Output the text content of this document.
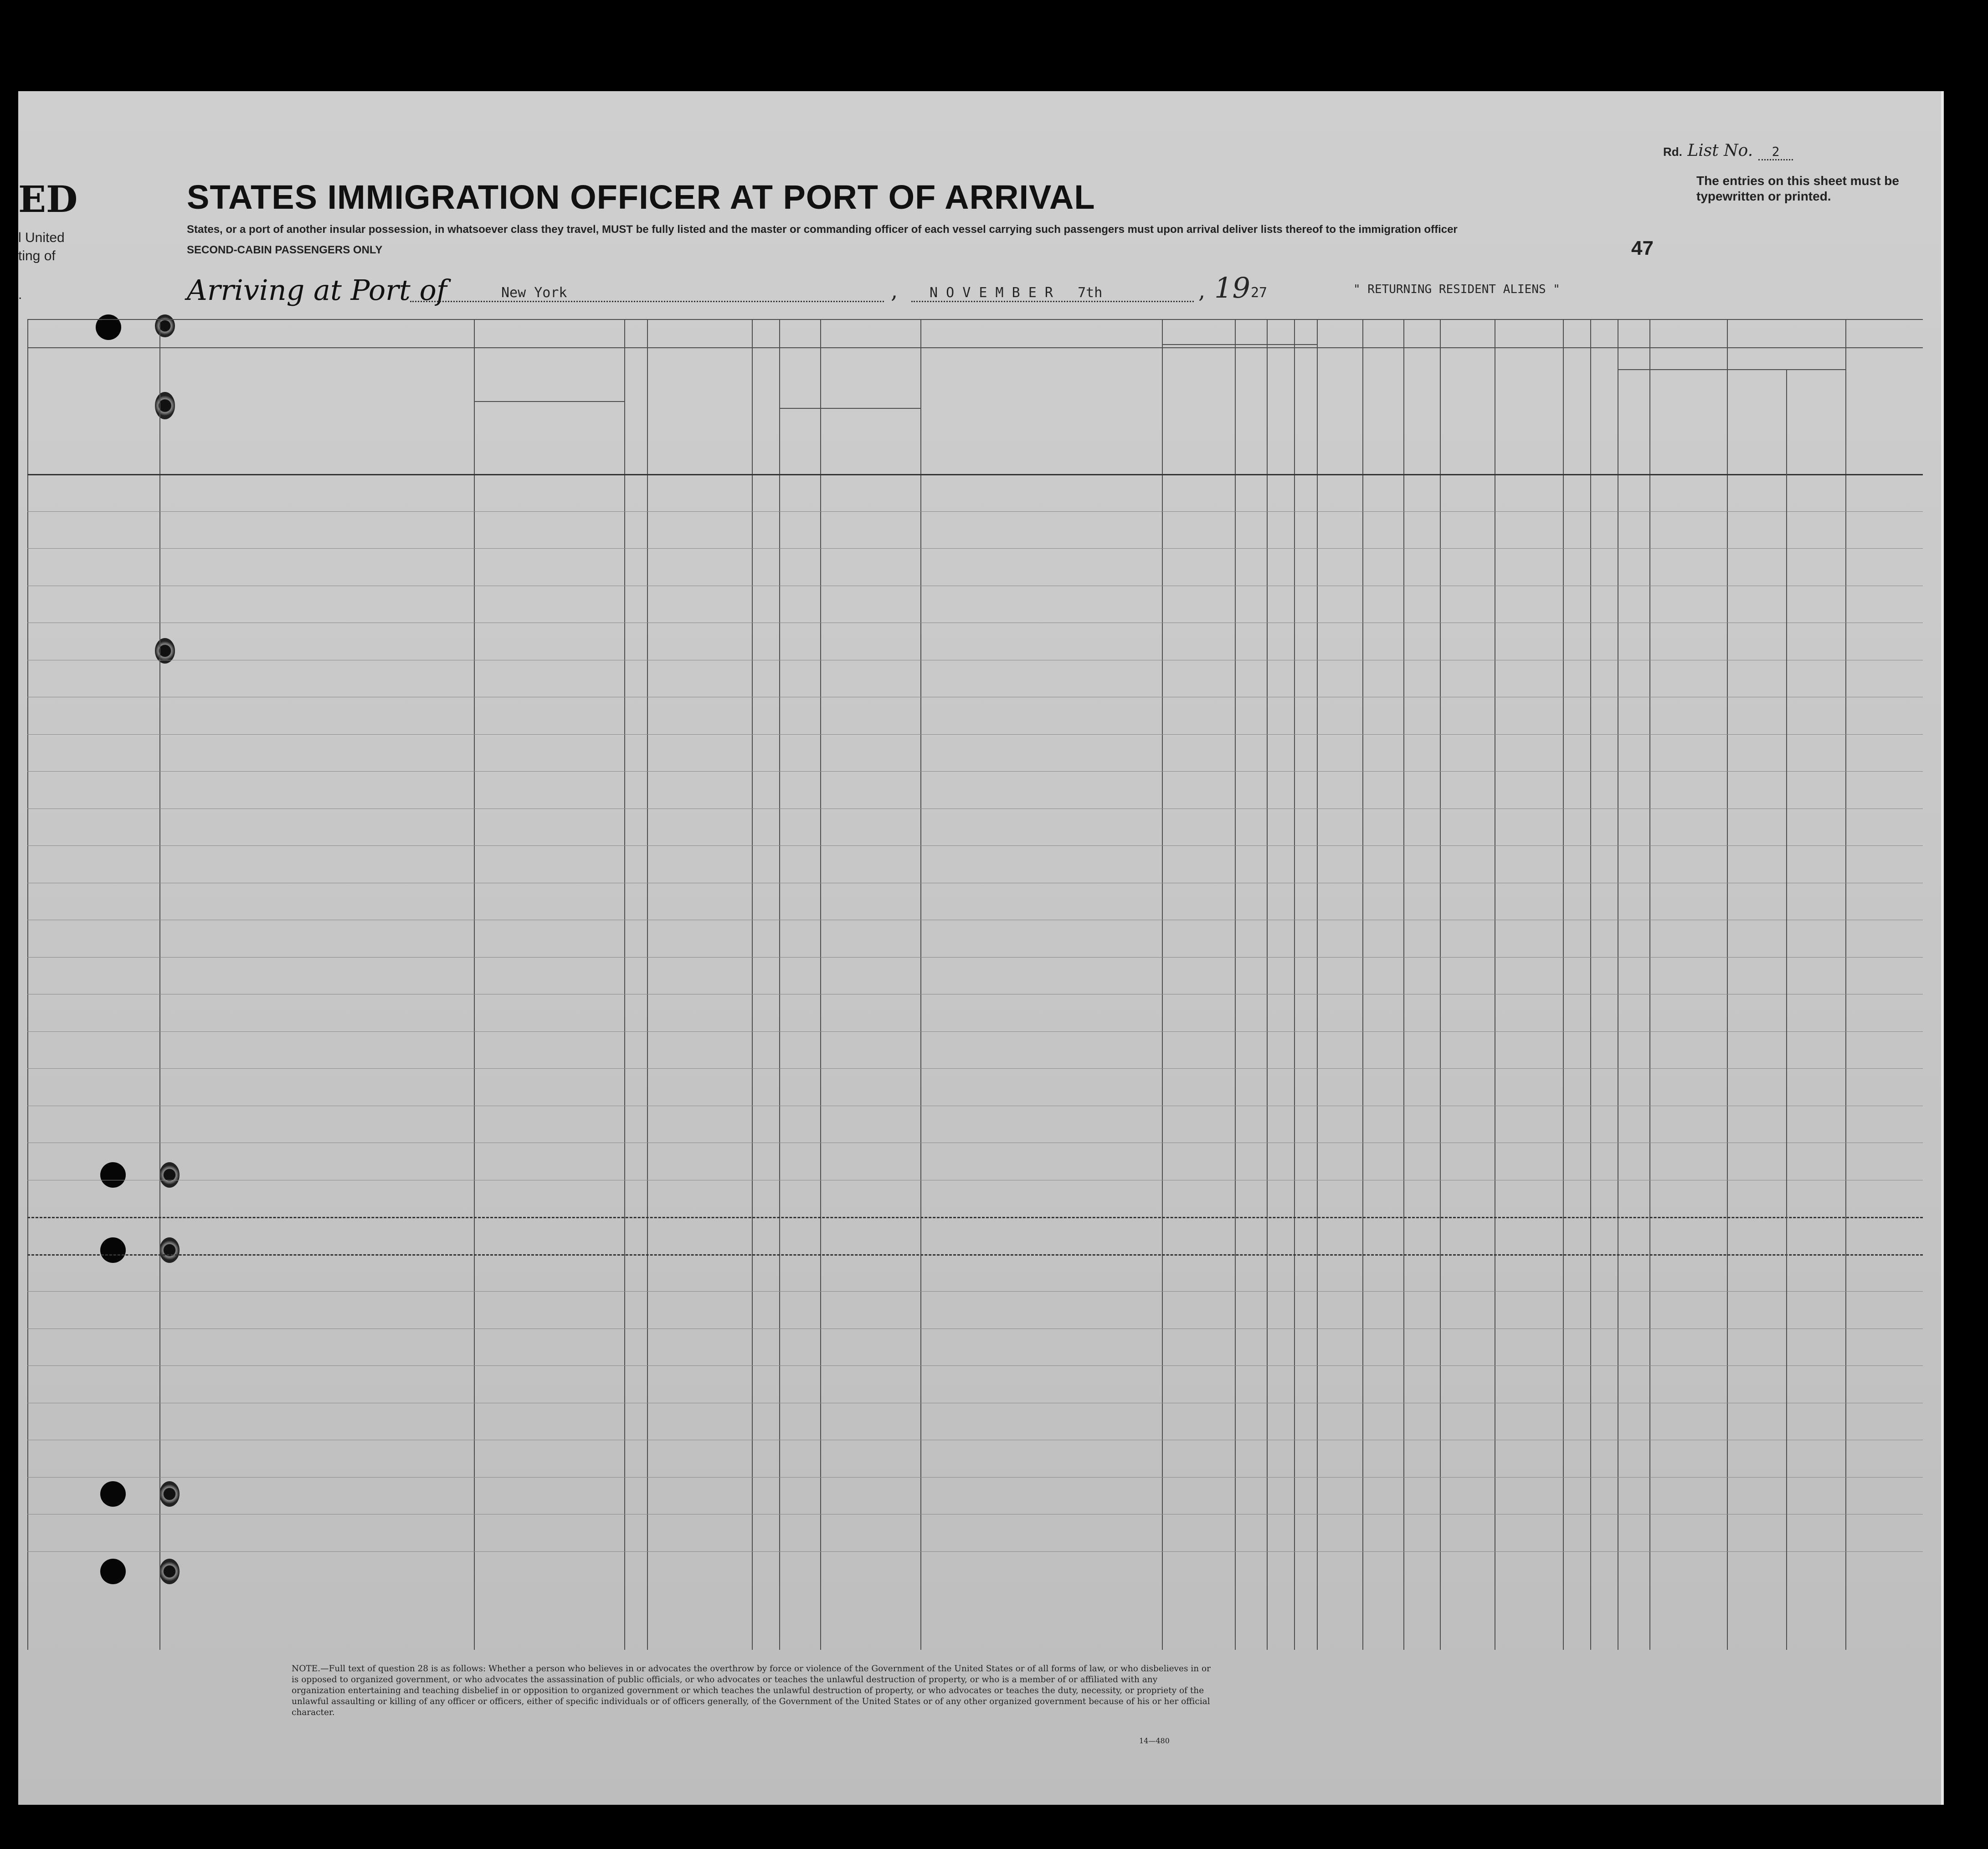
ED
l United
ting of
.
STATES IMMIGRATION OFFICER AT PORT OF ARRIVAL
States, or a port of another insular possession, in whatsoever class they travel, MUST be fully listed and the master or commanding officer of each vessel carrying such passengers must upon arrival deliver lists thereof to the immigration officer
SECOND-CABIN PASSENGERS ONLY
Rd. List No. 2
The entries on this sheet must be typewritten or printed.
47
Arriving at Port of	New York	, N O V E M B E R   7th	, 19 27	" RETURNING RESIDENT ALIENS "
NOTE.—Full text of question 28 is as follows: Whether a person who believes in or advocates the overthrow by force or violence of the Government of the United States or of all forms of law, or who disbelieves in or is opposed to organized government, or who advocates the assassination of public officials, or who advocates or teaches the unlawful destruction of property, or who is a member of or affiliated with any organization entertaining and teaching disbelief in or opposition to organized government or which teaches the unlawful destruction of property, or who advocates or teaches the duty, necessity, or propriety of the unlawful assaulting or killing of any officer or officers, either of specific individuals or of officers generally, of the Government of the United States or of any other organized government because of his or her official character.
14—480
